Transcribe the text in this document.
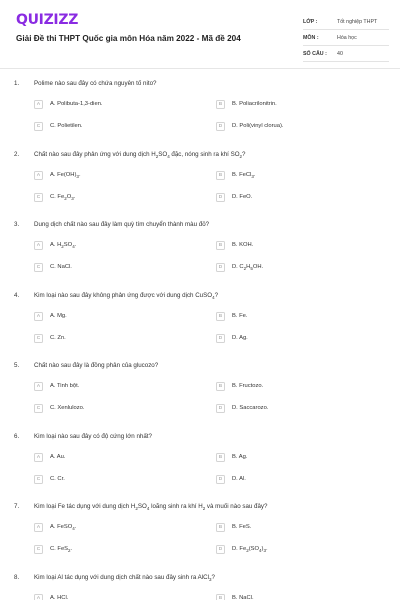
QUIZIZZ
Giải Đề thi THPT Quốc gia môn Hóa năm 2022 - Mã đề 204
LỚP :	Tốt nghiệp THPT
MÔN :	Hóa học
SỐ CÂU : 40
1. Polime nào sau đây có chứa nguyên tố nito?
A	A. Polibuta-1,3-dien.	B	B. Poliacrilonitrin.
C	C. Polietilen.	D	D. Poli(vinyl clorua).
2. Chất nào sau đây phản ứng với dung dịch $H_2SO_4$ đặc, nóng sinh ra khí $SO_2$?
A	A. $Fe(OH)_3$.	B	B. FeCl$_3$.
C	C. $Fe_2O_3$.	D	D. FeO.
3. Dung dịch chất nào sau đây làm quỳ tím chuyển thành màu đỏ?
A	A. $H_2SO_4$.	B	B. KOH.
C	C. NaCl.	D	D. $C_2H_5OH$.
4. Kim loại nào sau đây không phản ứng được với dung dịch CuSO$_4$?
A	A. Mg.	B	B. Fe.
C	C. Zn.	D	D. Ag.
5. Chất nào sau đây là đồng phân của glucozo?
A	A. Tinh bột.	B	B. Fructozo.
C	C. Xenlulozo.	D	D. Saccarozo.
6. Kim loại nào sau đây có độ cứng lớn nhất?
A	A. Au.	B	B. Ag.
C	C. Cr.	D	D. Al.
7. Kim loại Fe tác dụng với dung dịch $H_2SO_4$ loãng sinh ra khí $H_2$ và muối nào sau đây?
A	A. FeSO$_4$.	B	B. FeS.
C	C. FeS$_2$.	D	D. $Fe_2(SO_4)_3$.
8. Kim loại Al tác dụng với dung dịch chất nào sau đây sinh ra AlCl$_3$?
A	A. HCl.	B	B. NaCl.
